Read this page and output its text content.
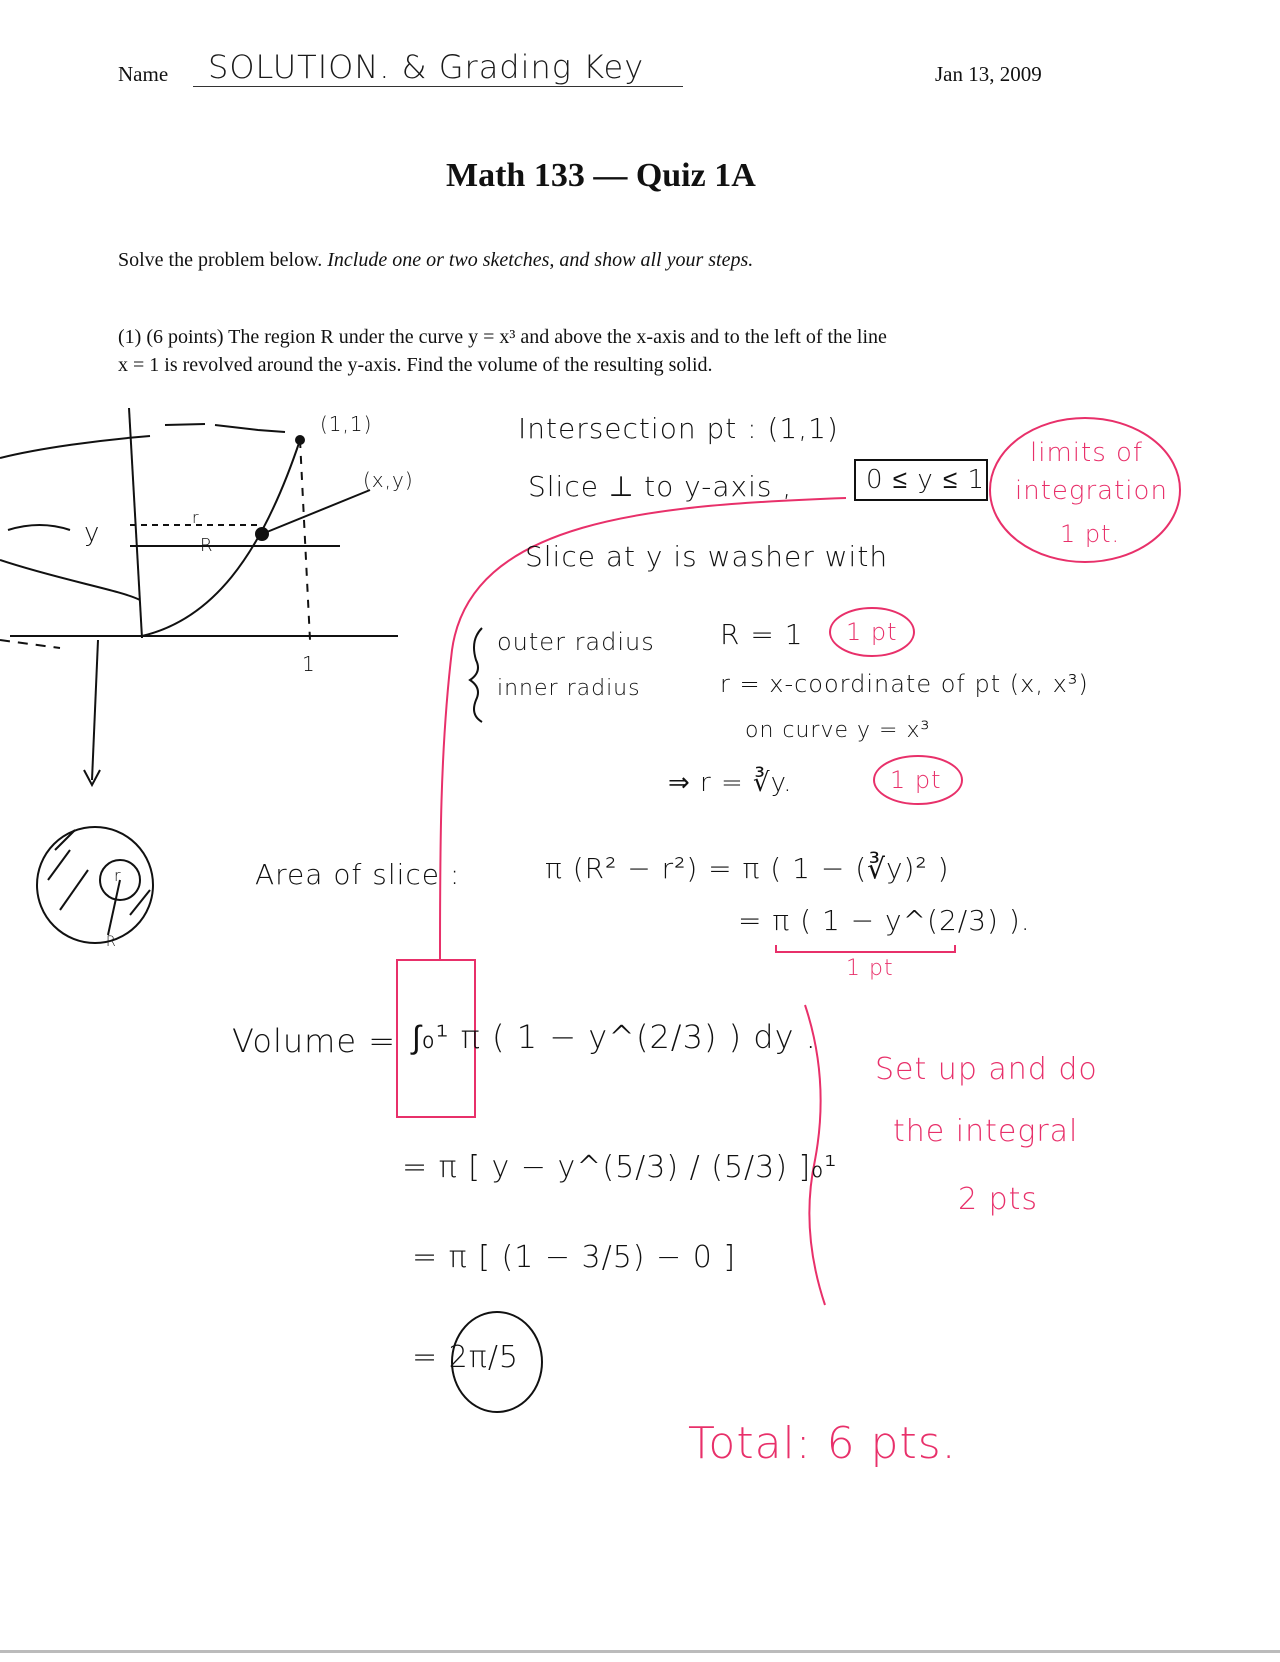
Name SOLUTION. & Grading Key	Jan 13, 2009
Math 133 — Quiz 1A
Solve the problem below. Include one or two sketches, and show all your steps.
(1) (6 points) The region R under the curve y = x³ and above the x-axis and to the left of the line
x = 1 is revolved around the y-axis. Find the volume of the resulting solid.
(1,1)
(x,y)
y
r
R
1
r
R
Intersection pt : (1,1)
Slice ⊥ to y-axis ,	0 ≤ y ≤ 1
Slice at y is washer with
outer radius R = 1
inner radius	r = x-coordinate of pt (x, x³)
on curve y = x³
⇒ r = ∛y.
Area of slice :	π (R² − r²) = π ( 1 − (∛y)² )
= π ( 1 − y^(2/3) ).
Volume = ∫₀¹ π ( 1 − y^(2/3) ) dy .
= π [ y − y^(5/3) / (5/3) ]₀¹
= π [ (1 − 3/5) − 0 ]
= 2π/5
limits of
integration
1 pt.
1 pt
1 pt
1 pt
Set up and do
the integral
2 pts
Total: 6 pts.
